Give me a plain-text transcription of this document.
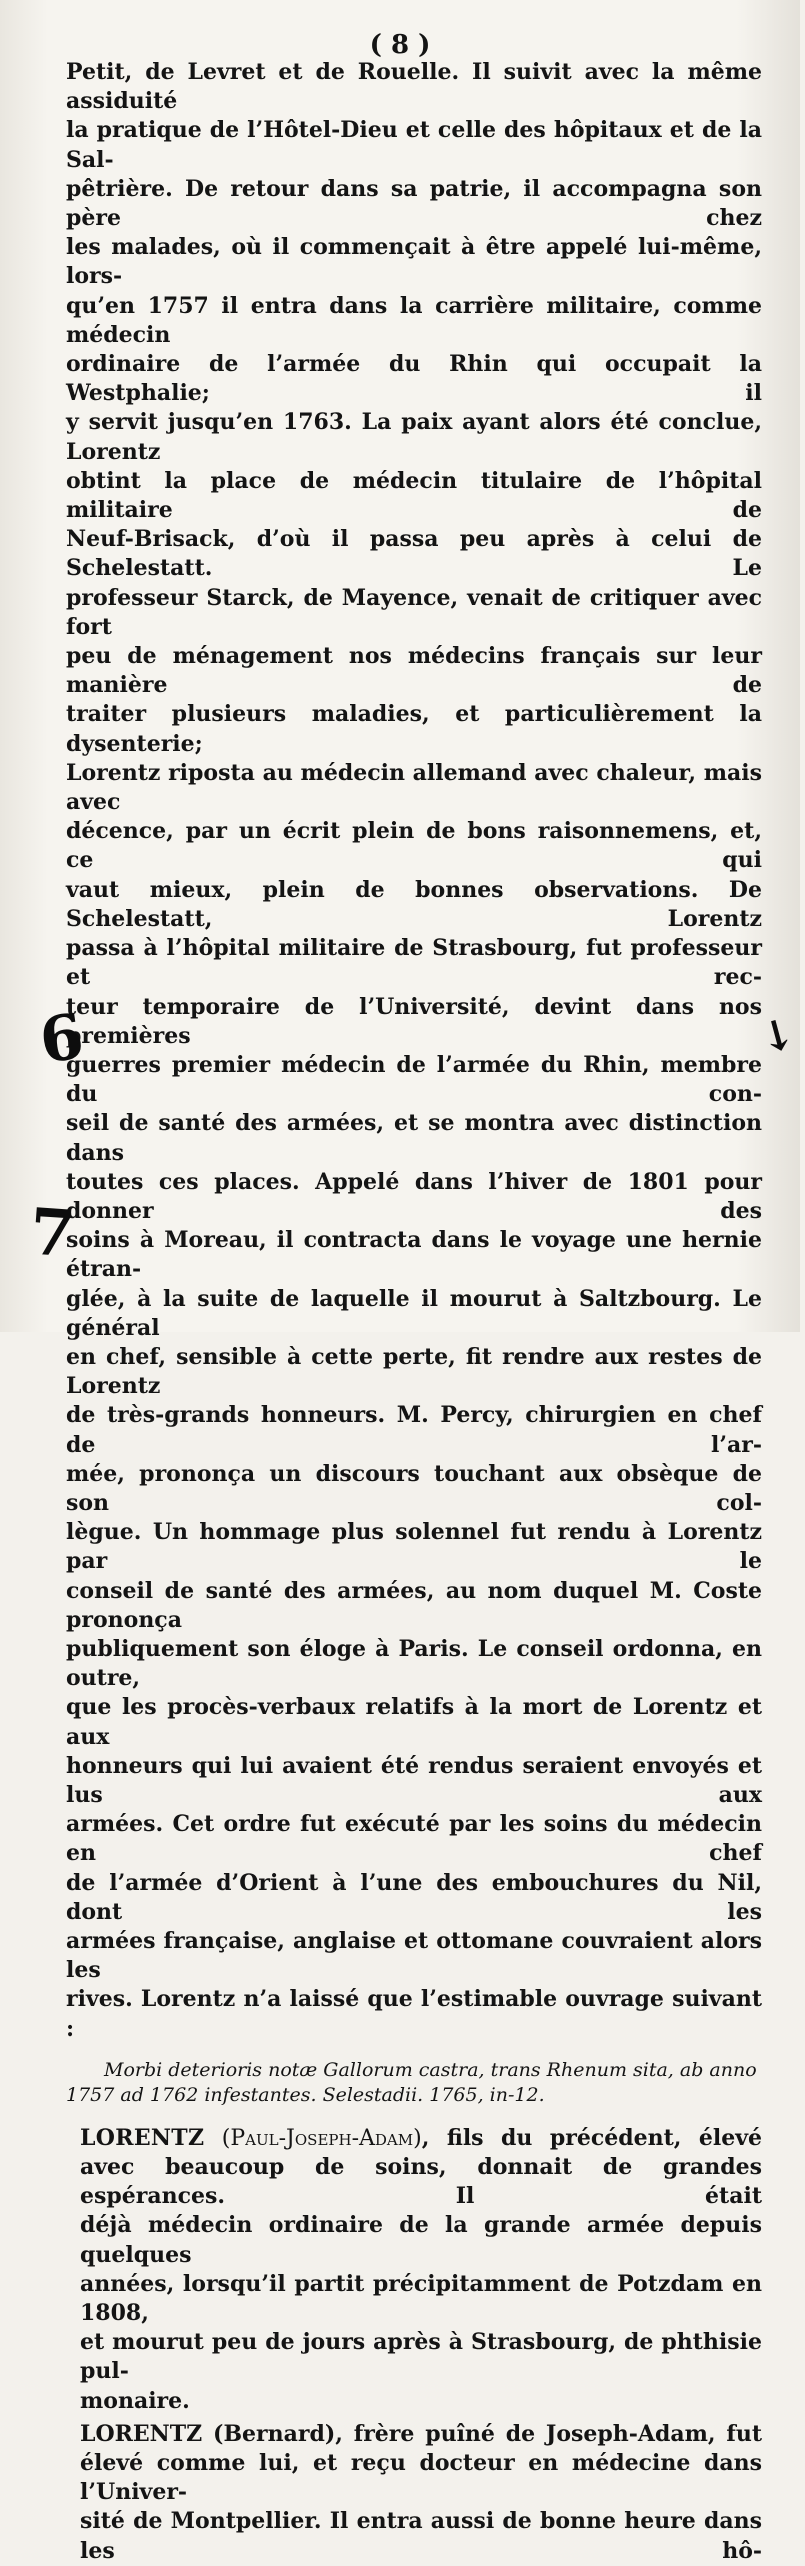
( 8 )

Petit, de Levret et de Rouelle. Il suivit avec la même assiduité
la pratique de l’Hôtel-Dieu et celle des hôpitaux et de la Sal-
pêtrière. De retour dans sa patrie, il accompagna son père chez
les malades, où il commençait à être appelé lui-même, lors-
qu’en 1757 il entra dans la carrière militaire, comme médecin
ordinaire de l’armée du Rhin qui occupait la Westphalie; il
y servit jusqu’en 1763. La paix ayant alors été conclue, Lorentz
obtint la place de médecin titulaire de l’hôpital militaire de
Neuf-Brisack, d’où il passa peu après à celui de Schelestatt. Le
professeur Starck, de Mayence, venait de critiquer avec fort
peu de ménagement nos médecins français sur leur manière de
traiter plusieurs maladies, et particulièrement la dysenterie;
Lorentz riposta au médecin allemand avec chaleur, mais avec
décence, par un écrit plein de bons raisonnemens, et, ce qui
vaut mieux, plein de bonnes observations. De Schelestatt, Lorentz
passa à l’hôpital militaire de Strasbourg, fut professeur et rec-
teur temporaire de l’Université, devint dans nos premières
guerres premier médecin de l’armée du Rhin, membre du con-
seil de santé des armées, et se montra avec distinction dans
toutes ces places. Appelé dans l’hiver de 1801 pour donner des
soins à Moreau, il contracta dans le voyage une hernie étran-
glée, à la suite de laquelle il mourut à Saltzbourg. Le général
en chef, sensible à cette perte, fit rendre aux restes de Lorentz
de très-grands honneurs. M. Percy, chirurgien en chef de l’ar-
mée, prononça un discours touchant aux obsèque de son col-
lègue. Un hommage plus solennel fut rendu à Lorentz par le
conseil de santé des armées, au nom duquel M. Coste prononça
publiquement son éloge à Paris. Le conseil ordonna, en outre,
que les procès-verbaux relatifs à la mort de Lorentz et aux
honneurs qui lui avaient été rendus seraient envoyés et lus aux
armées. Cet ordre fut exécuté par les soins du médecin en chef
de l’armée d’Orient à l’une des embouchures du Nil, dont les
armées française, anglaise et ottomane couvraient alors les
rives. Lorentz n’a laissé que l’estimable ouvrage suivant :

Morbi deterioris notæ Gallorum castra, trans Rhenum sita, ab anno
1757 ad 1762 infestantes. Selestadii. 1765, in-12.
LORENTZ (Paul-Joseph-Adam), fils du précédent, élevé
avec beaucoup de soins, donnait de grandes espérances. Il était
déjà médecin ordinaire de la grande armée depuis quelques
années, lorsqu’il partit précipitamment de Potzdam en 1808,
et mourut peu de jours après à Strasbourg, de phthisie pul-
monaire.
LORENTZ (Bernard), frère puîné de Joseph-Adam, fut
élevé comme lui, et reçu docteur en médecine dans l’Univer-
sité de Montpellier. Il entra aussi de bonne heure dans les hô-
6
7
↘
